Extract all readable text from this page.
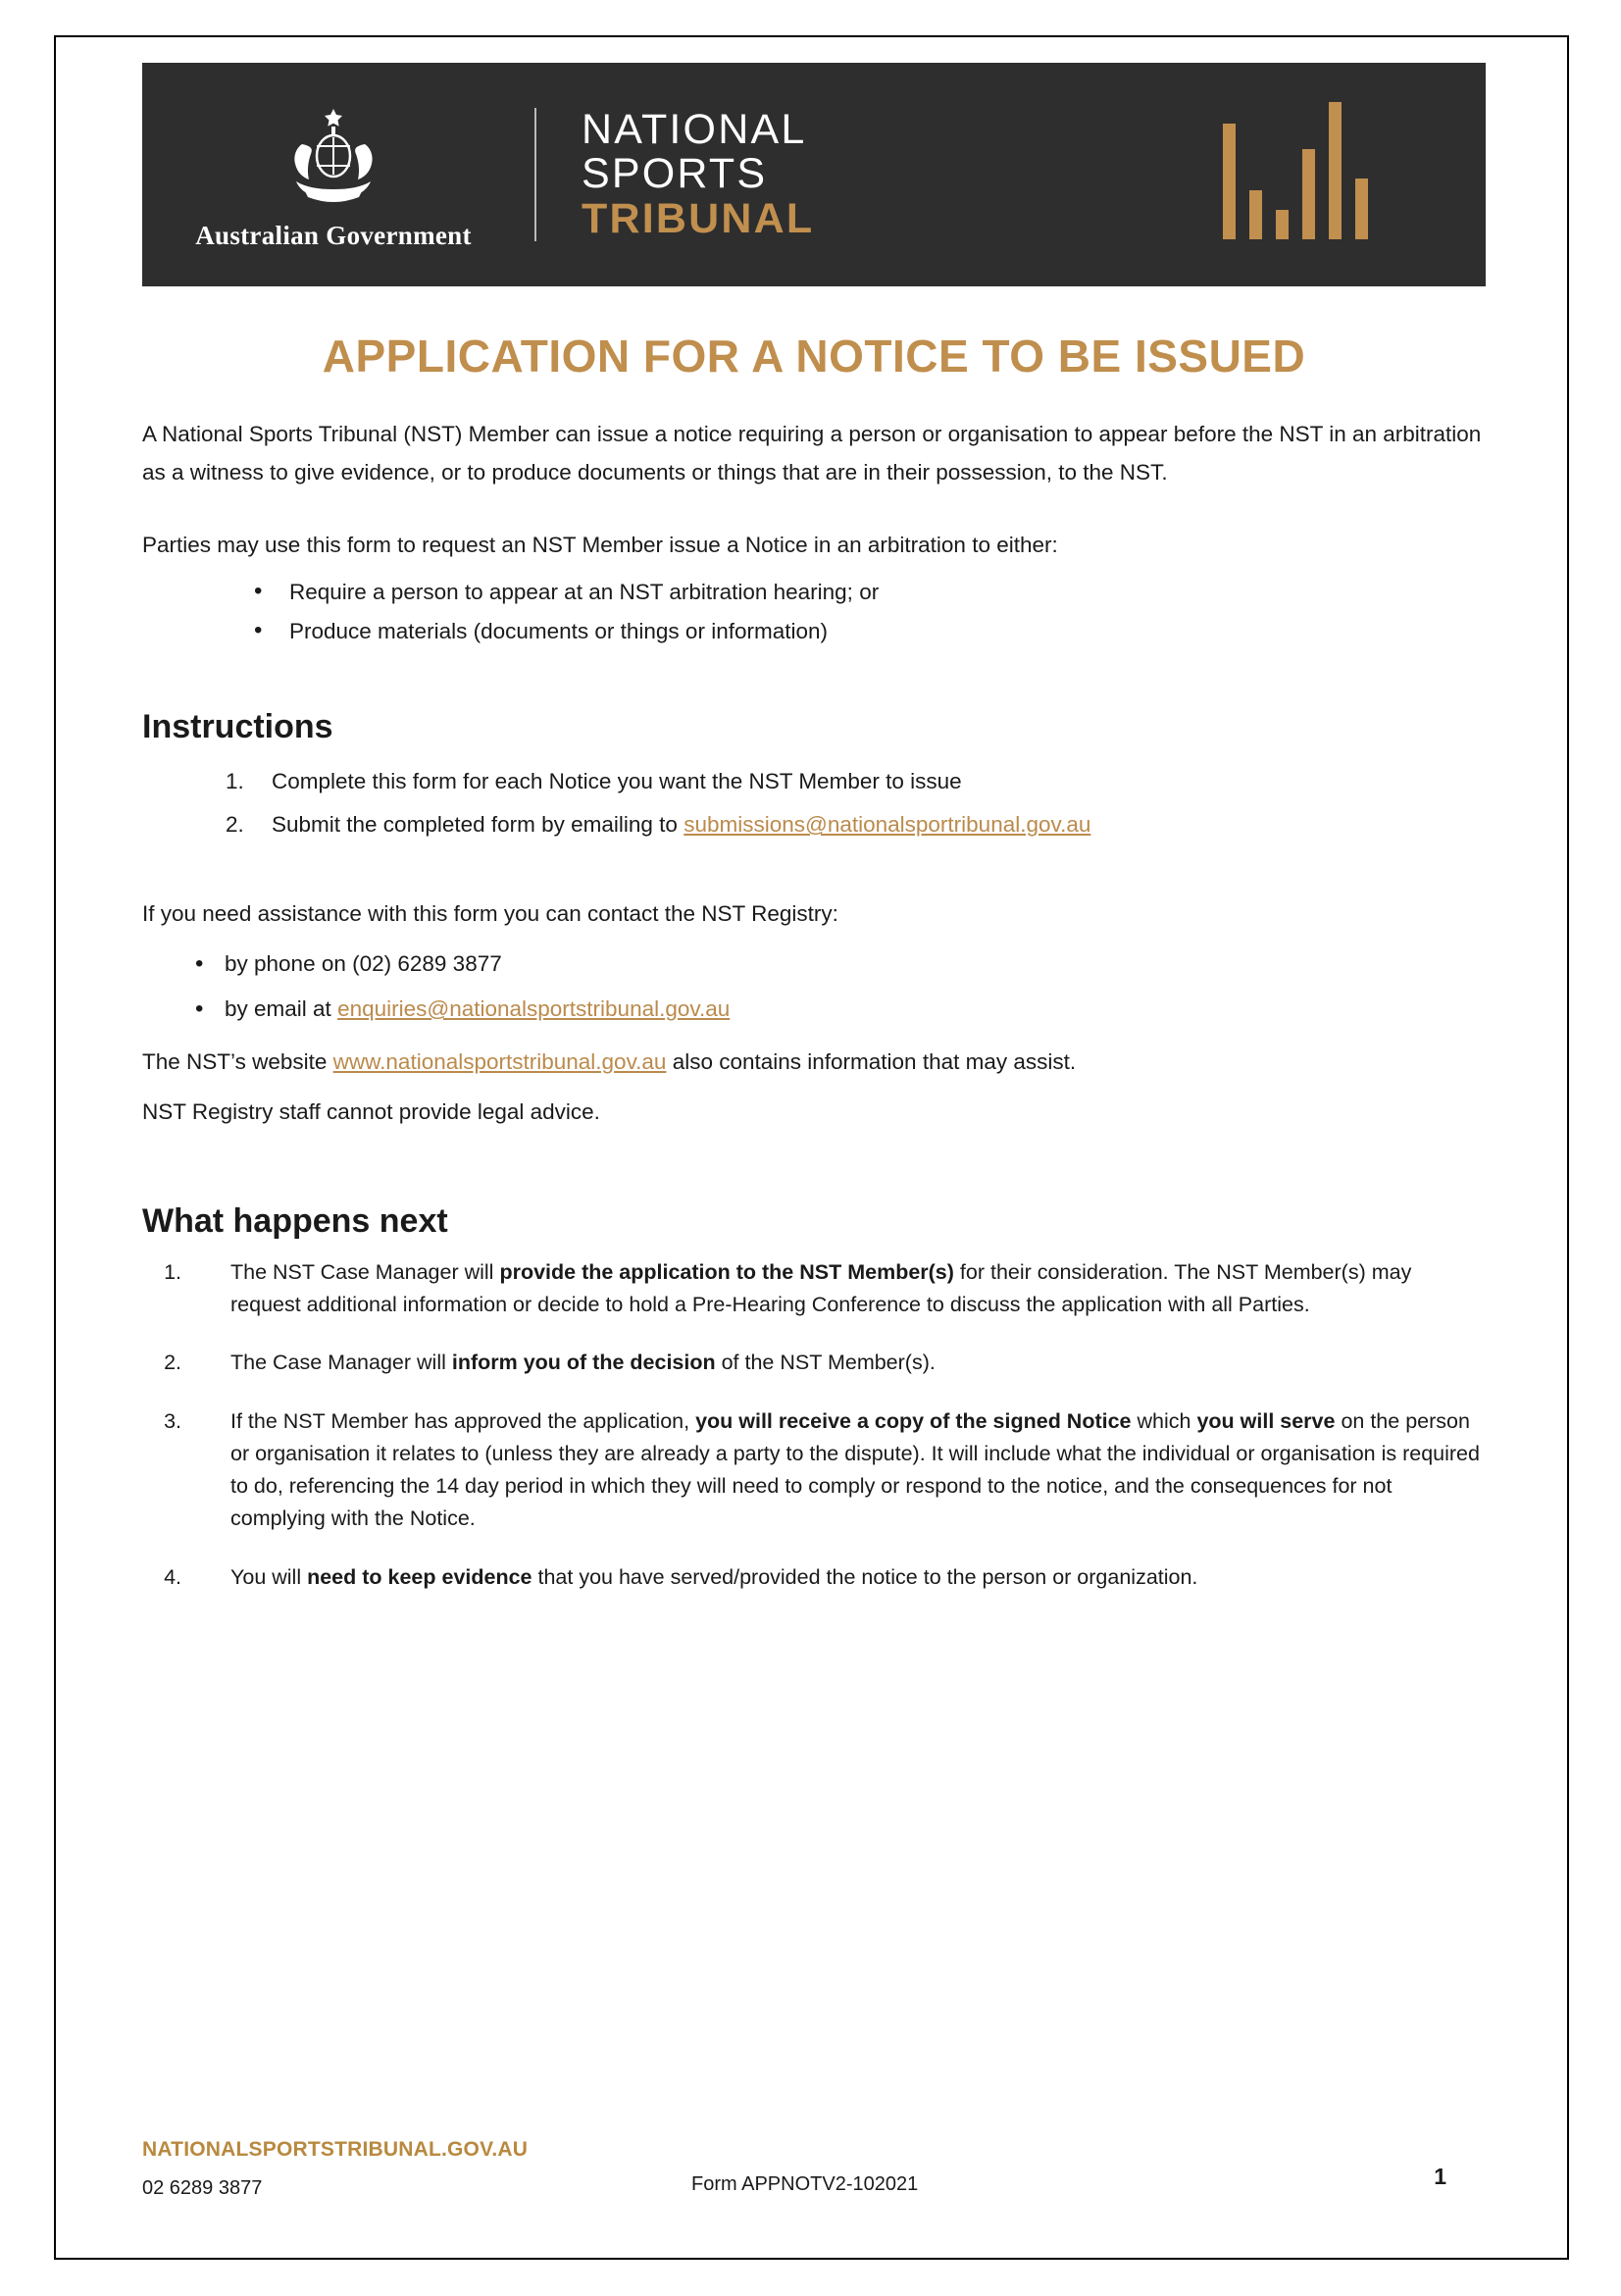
Australian Government
NATIONAL
SPORTS
TRIBUNAL
APPLICATION FOR A NOTICE TO BE ISSUED

A National Sports Tribunal (NST) Member can issue a notice requiring a person or organisation to appear before the NST in an arbitration as a witness to give evidence, or to produce documents or things that are in their possession, to the NST.

Parties may use this form to request an NST Member issue a Notice in an arbitration to either:

• Require a person to appear at an NST arbitration hearing; or
• Produce materials (documents or things or information)
Instructions
1. Complete this form for each Notice you want the NST Member to issue
2. Submit the completed form by emailing to submissions@nationalsportribunal.gov.au

If you need assistance with this form you can contact the NST Registry:

• by phone on (02) 6289 3877
• by email at enquiries@nationalsportstribunal.gov.au

The NST’s website www.nationalsportstribunal.gov.au also contains information that may assist.

NST Registry staff cannot provide legal advice.

What happens next
1. The NST Case Manager will provide the application to the NST Member(s) for their consideration. The NST Member(s) may request additional information or decide to hold a Pre-Hearing Conference to discuss the application with all Parties.
2. The Case Manager will inform you of the decision of the NST Member(s).
3. If the NST Member has approved the application, you will receive a copy of the signed Notice which you will serve on the person or organisation it relates to (unless they are already a party to the dispute). It will include what the individual or organisation is required to do, referencing the 14 day period in which they will need to comply or respond to the notice, and the consequences for not complying with the Notice.
4. You will need to keep evidence that you have served/provided the notice to the person or organization.
NATIONALSPORTSTRIBUNAL.GOV.AU
02 6289 3877	Form APPNOTV2-102021	1
